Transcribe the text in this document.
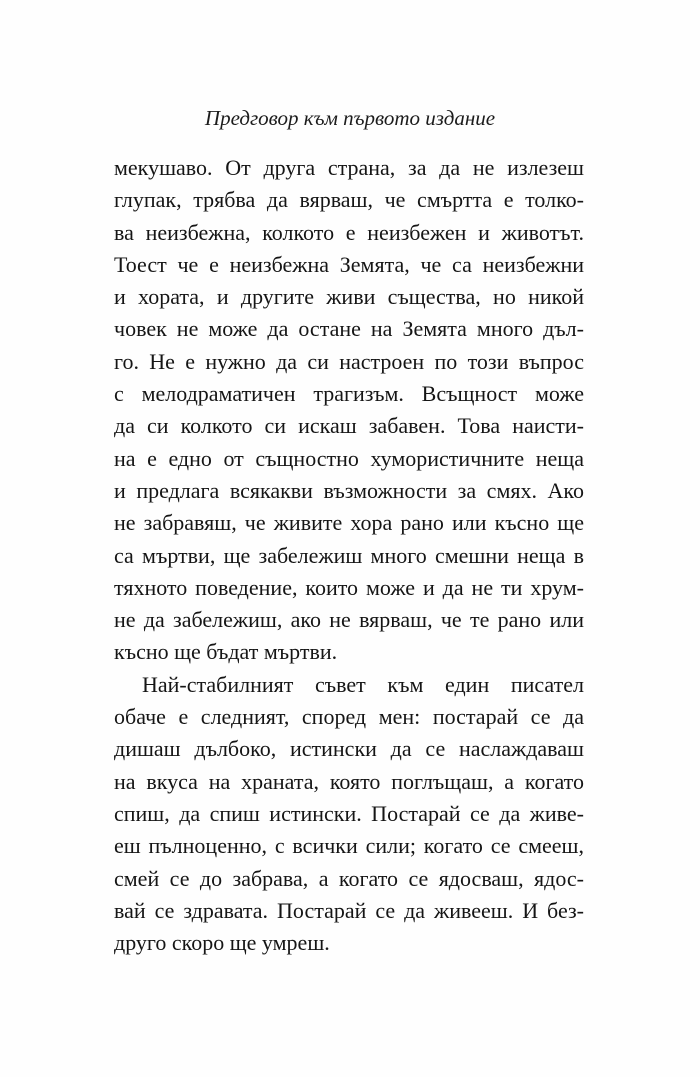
Предговор към първото издание
мекушаво. От друга страна, за да не излезеш
глупак, трябва да вярваш, че смъртта е толко-
ва неизбежна, колкото е неизбежен и животът.
Тоест че е неизбежна Земята, че са неизбежни
и хората, и другите живи същества, но никой
човек не може да остане на Земята много дъл-
го. Не е нужно да си настроен по този въпрос
с мелодраматичен трагизъм. Всъщност може
да си колкото си искаш забавен. Това наисти-
на е едно от същностно хумористичните неща
и предлага всякакви възможности за смях. Ако
не забравяш, че живите хора рано или късно ще
са мъртви, ще забележиш много смешни неща в
тяхното поведение, които може и да не ти хрум-
не да забележиш, ако не вярваш, че те рано или
късно ще бъдат мъртви.
Най-стабилният съвет към един писател
обаче е следният, според мен: постарай се да
дишаш дълбоко, истински да се наслаждаваш
на вкуса на храната, която поглъщаш, а когато
спиш, да спиш истински. Постарай се да живе-
еш пълноценно, с всички сили; когато се смееш,
смей се до забрава, а когато се ядосваш, ядос-
вай се здравата. Постарай се да живееш. И без-
друго скоро ще умреш.
